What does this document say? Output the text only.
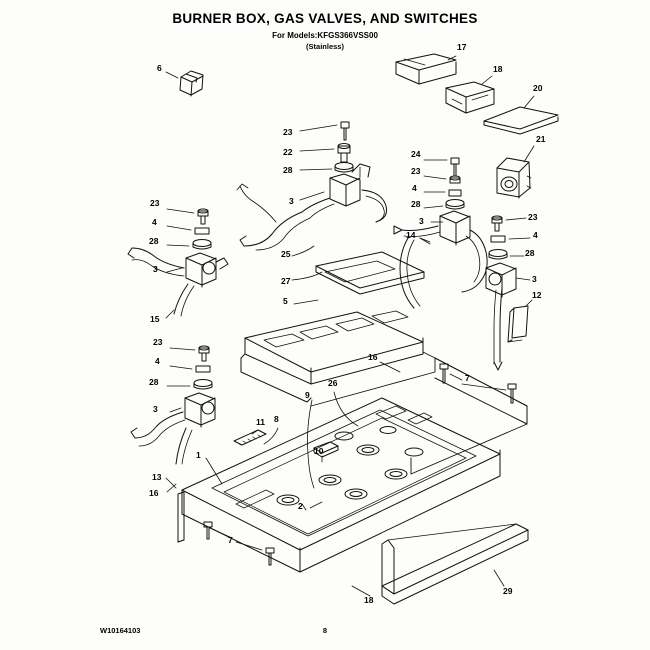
BURNER BOX, GAS VALVES, AND SWITCHES
For Models:KFGS366VSS00
(Stainless)
6
17
18
20
21
23
22
28
3
24
23
4
28
3
14
23
4
28
3
15
23
4
28
3
12
25
27
5
23
4
28
3
16
26
9
7
11 8
10
1
2
13
16
7
18
29
W10164103	8
